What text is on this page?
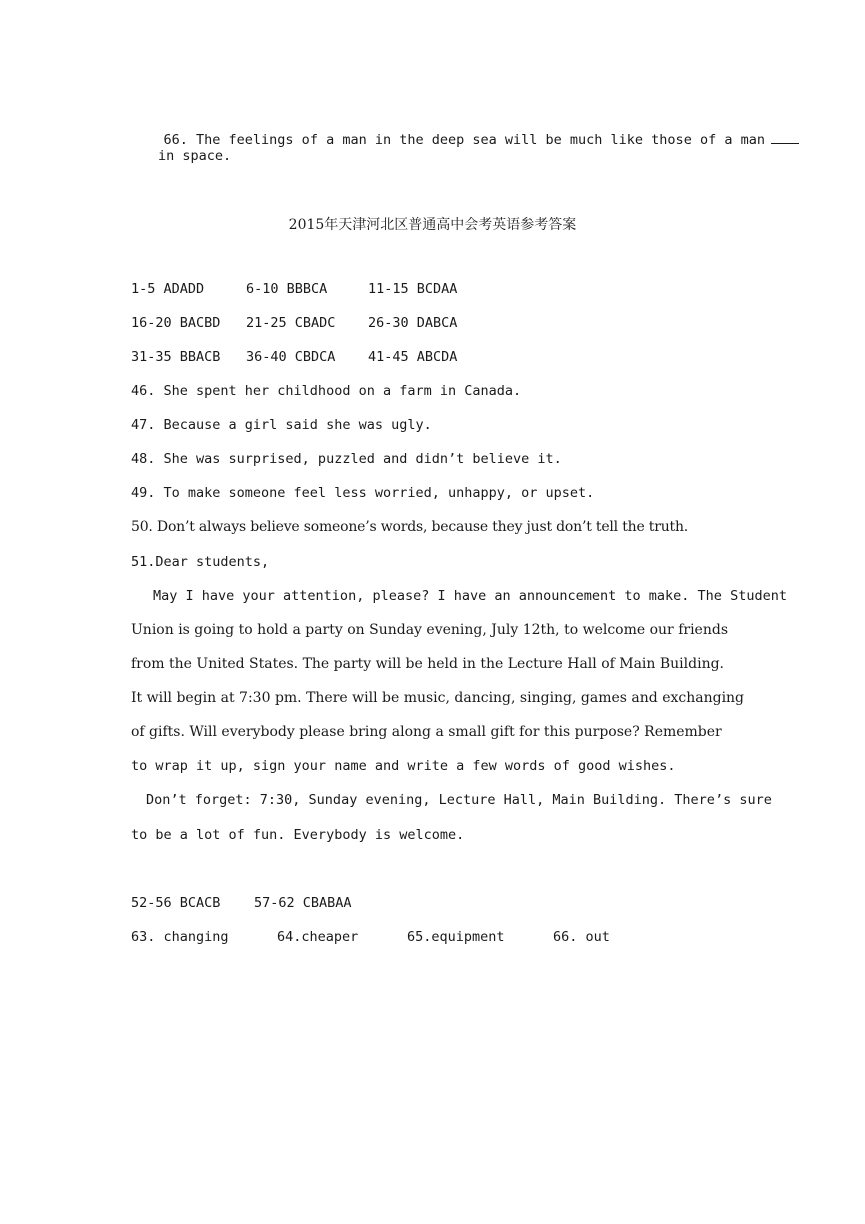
66. The feelings of a man in the deep sea will be much like those of a man

in space.
2015年天津河北区普通高中会考英语参考答案
1-5 ADADD	6-10 BBBCA	11-15 BCDAA
16-20 BACBD 21-25 CBADC 26-30 DABCA
31-35 BBACB 36-40 CBDCA 41-45 ABCDA
46. She spent her childhood on a farm in Canada.
47. Because a girl said she was ugly.
48. She was surprised, puzzled and didn’t believe it.
49. To make someone feel less worried, unhappy, or upset.
50. Don’t always believe someone’s words, because they just don’t tell the truth.
51.Dear students,
May I have your attention, please? I have an announcement to make. The Student
Union is going to hold a party on Sunday evening, July 12th, to welcome our friends
from the United States. The party will be held in the Lecture Hall of Main Building.
It will begin at 7:30 pm. There will be music, dancing, singing, games and exchanging
of gifts. Will everybody please bring along a small gift for this purpose? Remember
to wrap it up, sign your name and write a few words of good wishes.
Don’t forget: 7:30, Sunday evening, Lecture Hall, Main Building. There’s sure
to be a lot of fun. Everybody is welcome.
52-56 BCACB 57-62 CBABAA
63. changing	64.cheaper	65.equipment	66. out
